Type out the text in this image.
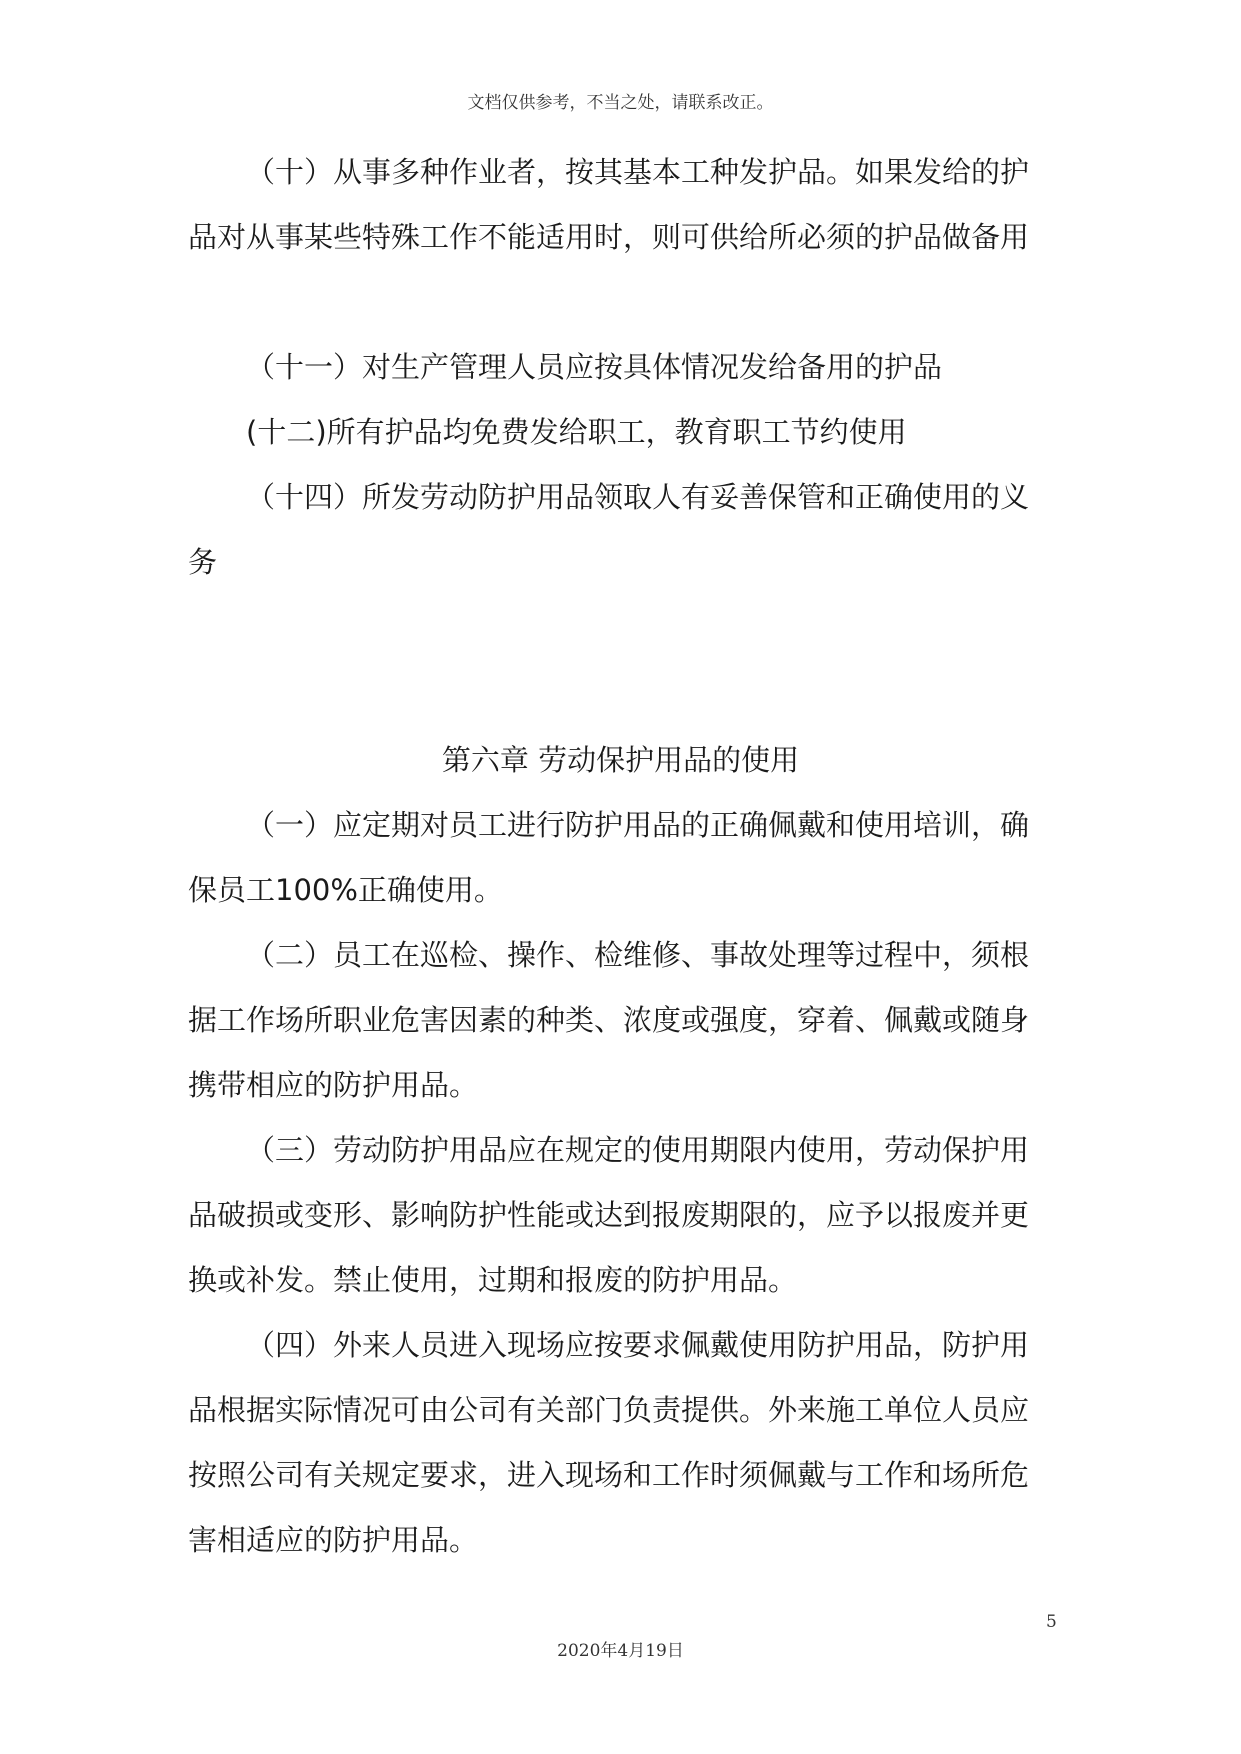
文档仅供参考，不当之处，请联系改正。

（十）从事多种作业者，按其基本工种发护品。如果发给的护品对从事某些特殊工作不能适用时，则可供给所必须的护品做备用

（十一）对生产管理人员应按具体情况发给备用的护品

(十二)所有护品均免费发给职工，教育职工节约使用

（十四）所发劳动防护用品领取人有妥善保管和正确使用的义务

第六章 劳动保护用品的使用

（一）应定期对员工进行防护用品的正确佩戴和使用培训，确保员工100%正确使用。

（二）员工在巡检、操作、检维修、事故处理等过程中，须根据工作场所职业危害因素的种类、浓度或强度，穿着、佩戴或随身携带相应的防护用品。

（三）劳动防护用品应在规定的使用期限内使用，劳动保护用品破损或变形、影响防护性能或达到报废期限的，应予以报废并更换或补发。禁止使用，过期和报废的防护用品。

（四）外来人员进入现场应按要求佩戴使用防护用品，防护用品根据实际情况可由公司有关部门负责提供。外来施工单位人员应按照公司有关规定要求，进入现场和工作时须佩戴与工作和场所危害相适应的防护用品。

5
2020年4月19日
